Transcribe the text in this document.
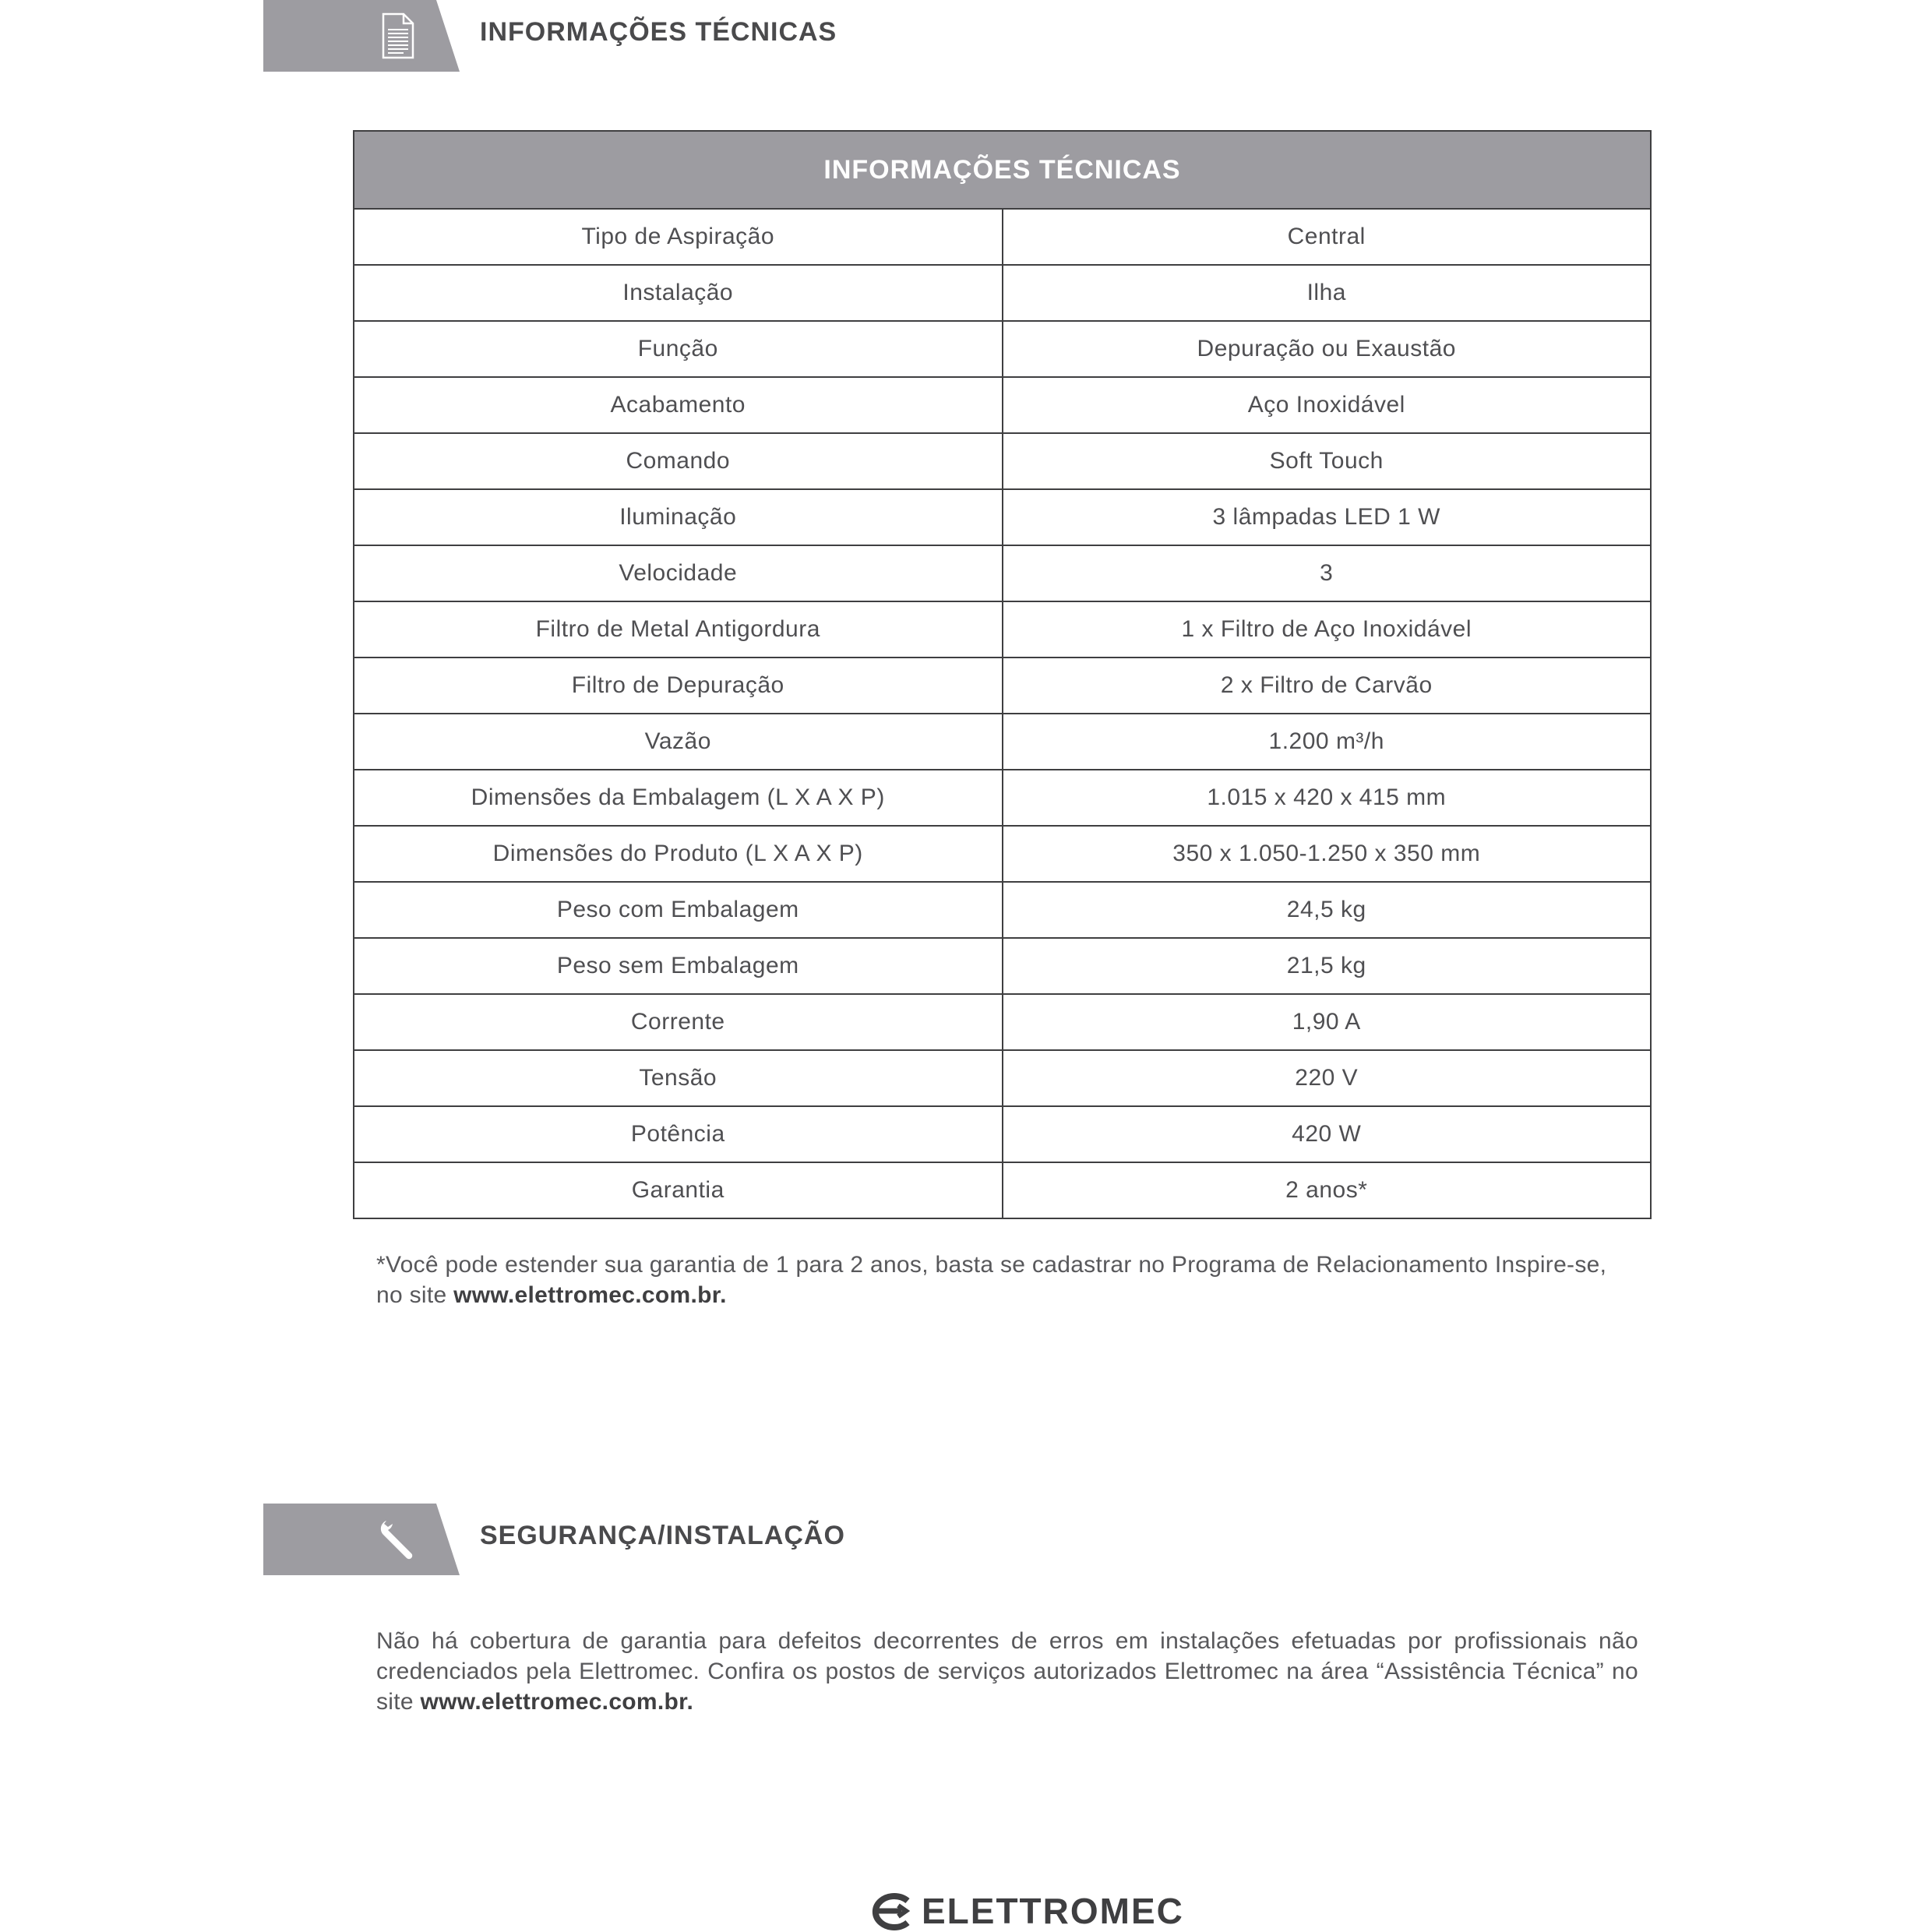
INFORMAÇÕES TÉCNICAS
INFORMAÇÕES TÉCNICAS	
Tipo de Aspiração	Central
Instalação	Ilha
Função	Depuração ou Exaustão
Acabamento	Aço Inoxidável
Comando	Soft Touch
Iluminação	3 lâmpadas LED 1 W
Velocidade	3
Filtro de Metal Antigordura	1 x Filtro de Aço Inoxidável
Filtro de Depuração	2 x Filtro de Carvão
Vazão	1.200 m³/h
Dimensões da Embalagem (L X A X P)	1.015 x 420 x 415 mm
Dimensões do Produto (L X A X P)	350 x 1.050-1.250 x 350 mm
Peso com Embalagem	24,5 kg
Peso sem Embalagem	21,5 kg
Corrente	1,90 A
Tensão	220 V
Potência	420 W
Garantia	2 anos*
*Você pode estender sua garantia de 1 para 2 anos, basta se cadastrar no Programa de Relacionamento Inspire-se, no site www.elettromec.com.br.
SEGURANÇA/INSTALAÇÃO
Não há cobertura de garantia para defeitos decorrentes de erros em instalações efetuadas por profissionais não credenciados pela Elettromec. Confira os postos de serviços autorizados Elettromec na área “Assistência Técnica” no site www.elettromec.com.br.
ELETTROMEC
